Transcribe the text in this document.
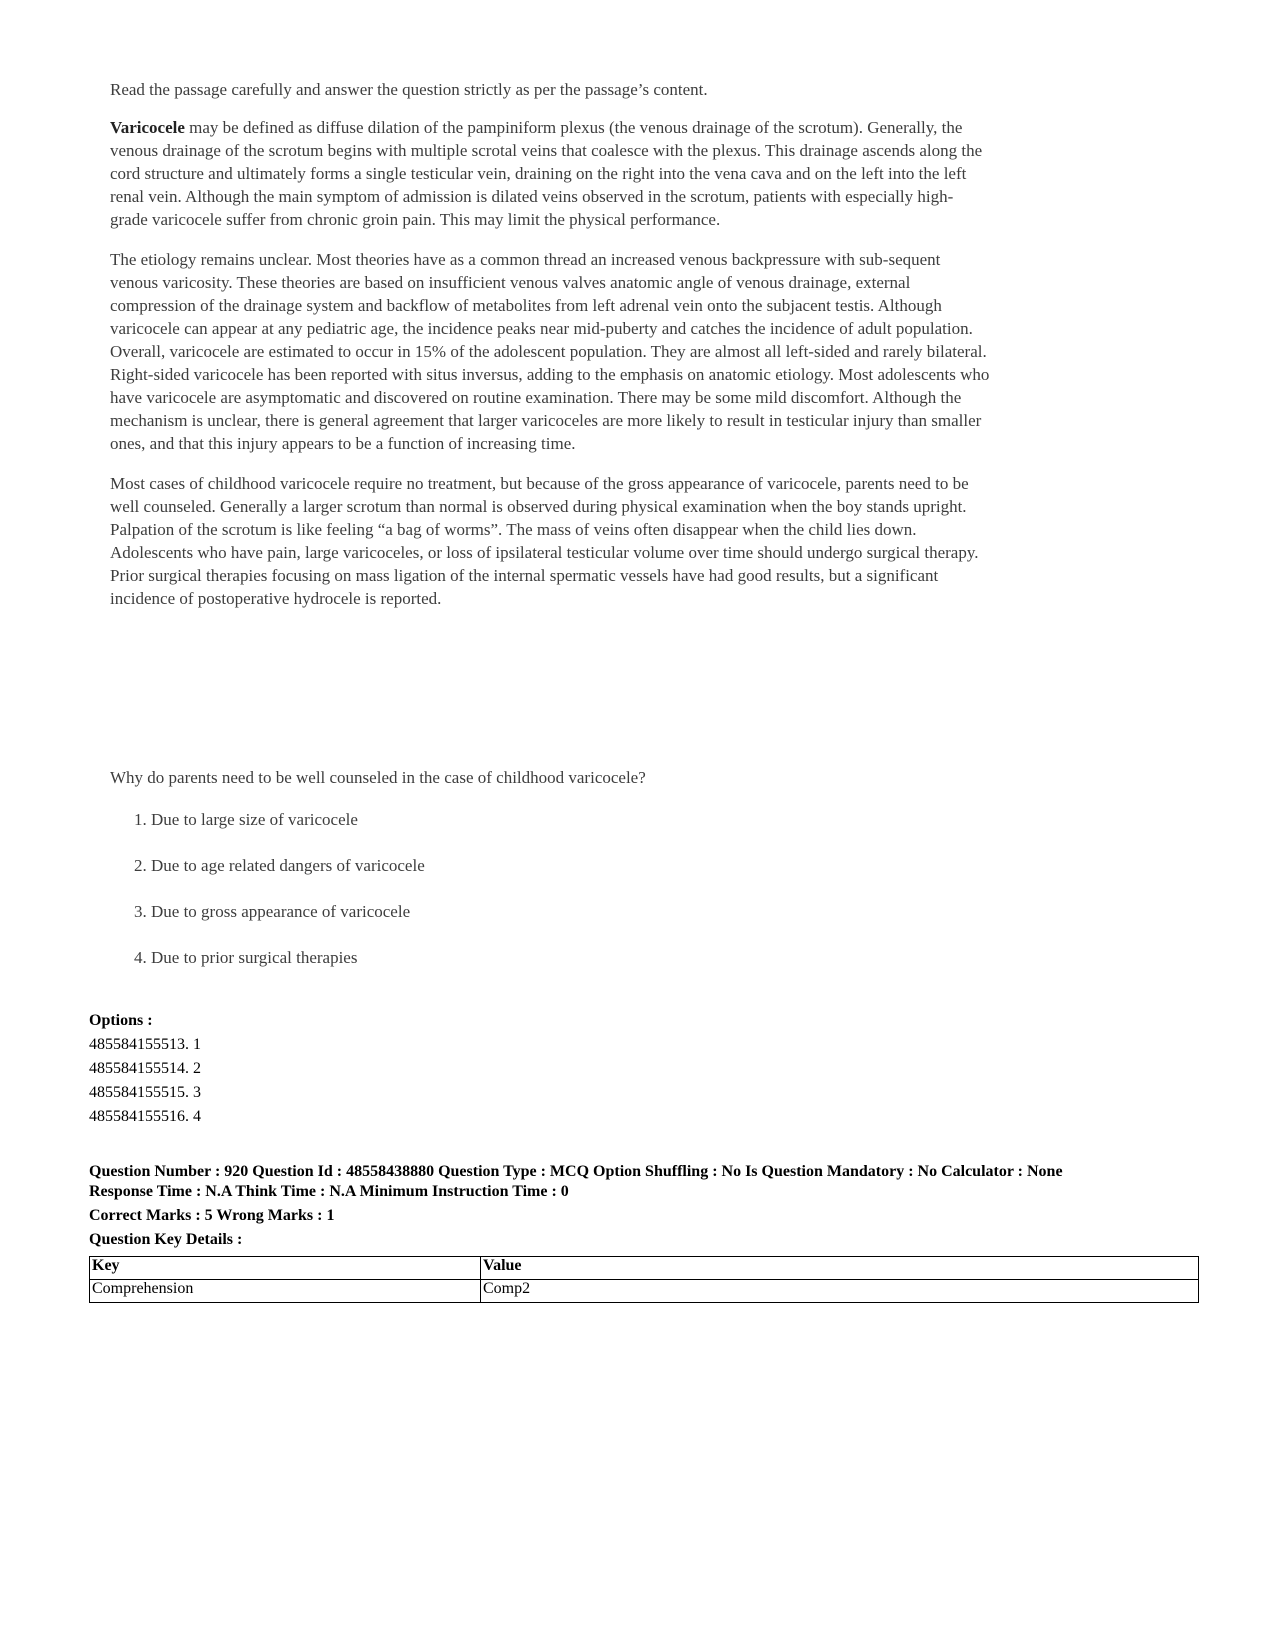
Read the passage carefully and answer the question strictly as per the passage’s content.

Varicocele may be defined as diffuse dilation of the pampiniform plexus (the venous drainage of the scrotum). Generally, the venous drainage of the scrotum begins with multiple scrotal veins that coalesce with the plexus. This drainage ascends along the cord structure and ultimately forms a single testicular vein, draining on the right into the vena cava and on the left into the left renal vein. Although the main symptom of admission is dilated veins observed in the scrotum, patients with especially high-grade varicocele suffer from chronic groin pain. This may limit the physical performance.

The etiology remains unclear. Most theories have as a common thread an increased venous backpressure with sub-sequent venous varicosity. These theories are based on insufficient venous valves anatomic angle of venous drainage, external compression of the drainage system and backflow of metabolites from left adrenal vein onto the subjacent testis. Although varicocele can appear at any pediatric age, the incidence peaks near mid-puberty and catches the incidence of adult population. Overall, varicocele are estimated to occur in 15% of the adolescent population. They are almost all left-sided and rarely bilateral. Right-sided varicocele has been reported with situs inversus, adding to the emphasis on anatomic etiology. Most adolescents who have varicocele are asymptomatic and discovered on routine examination. There may be some mild discomfort. Although the mechanism is unclear, there is general agreement that larger varicoceles are more likely to result in testicular injury than smaller ones, and that this injury appears to be a function of increasing time.

Most cases of childhood varicocele require no treatment, but because of the gross appearance of varicocele, parents need to be well counseled. Generally a larger scrotum than normal is observed during physical examination when the boy stands upright. Palpation of the scrotum is like feeling “a bag of worms”. The mass of veins often disappear when the child lies down. Adolescents who have pain, large varicoceles, or loss of ipsilateral testicular volume over time should undergo surgical therapy. Prior surgical therapies focusing on mass ligation of the internal spermatic vessels have had good results, but a significant incidence of postoperative hydrocele is reported.

Why do parents need to be well counseled in the case of childhood varicocele?

1. Due to large size of varicocele
2. Due to age related dangers of varicocele
3. Due to gross appearance of varicocele
4. Due to prior surgical therapies
Options :
485584155513. 1
485584155514. 2
485584155515. 3
485584155516. 4
Question Number : 920 Question Id : 48558438880 Question Type : MCQ Option Shuffling : No Is Question Mandatory : No Calculator : None
Response Time : N.A Think Time : N.A Minimum Instruction Time : 0
Correct Marks : 5 Wrong Marks : 1
Question Key Details :
Key	Value
Comprehension	Comp2
